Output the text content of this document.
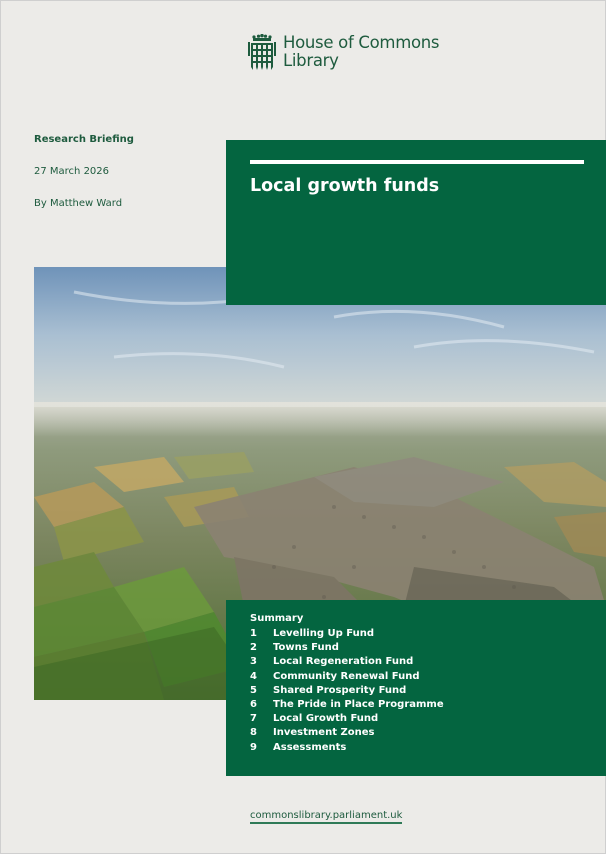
House of Commons
Library
Research Briefing
27 March 2026
By Matthew Ward
Local growth funds
Summary
1	Levelling Up Fund
2	Towns Fund
3	Local Regeneration Fund
4	Community Renewal Fund
5	Shared Prosperity Fund
6	The Pride in Place Programme
7	Local Growth Fund
8	Investment Zones
9	Assessments
commonslibrary.parliament.uk
